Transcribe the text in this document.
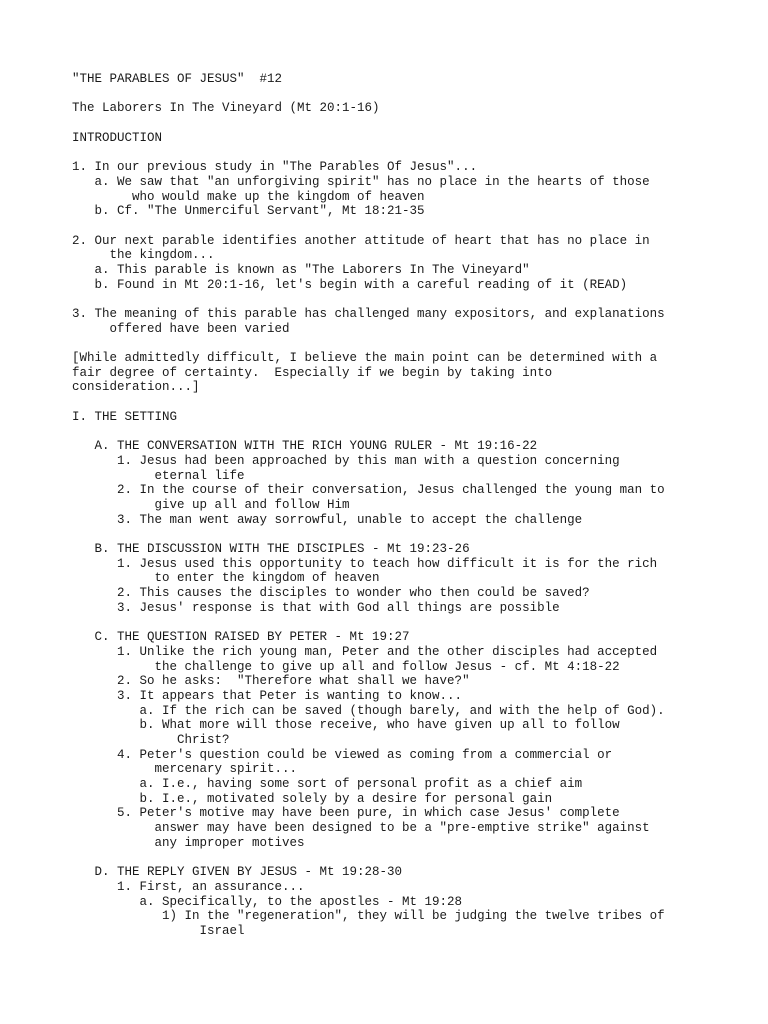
"THE PARABLES OF JESUS"  #12
The Laborers In The Vineyard (Mt 20:1-16)
INTRODUCTION
1. In our previous study in "The Parables Of Jesus"...
a. We saw that "an unforgiving spirit" has no place in the hearts of those
who would make up the kingdom of heaven
b. Cf. "The Unmerciful Servant", Mt 18:21-35
2. Our next parable identifies another attitude of heart that has no place in
the kingdom...
a. This parable is known as "The Laborers In The Vineyard"
b. Found in Mt 20:1-16, let's begin with a careful reading of it (READ)
3. The meaning of this parable has challenged many expositors, and explanations
offered have been varied
[While admittedly difficult, I believe the main point can be determined with a
fair degree of certainty.  Especially if we begin by taking into
consideration...]
I. THE SETTING
A. THE CONVERSATION WITH THE RICH YOUNG RULER - Mt 19:16-22
1. Jesus had been approached by this man with a question concerning
eternal life
2. In the course of their conversation, Jesus challenged the young man to
give up all and follow Him
3. The man went away sorrowful, unable to accept the challenge
B. THE DISCUSSION WITH THE DISCIPLES - Mt 19:23-26
1. Jesus used this opportunity to teach how difficult it is for the rich
to enter the kingdom of heaven
2. This causes the disciples to wonder who then could be saved?
3. Jesus' response is that with God all things are possible
C. THE QUESTION RAISED BY PETER - Mt 19:27
1. Unlike the rich young man, Peter and the other disciples had accepted
the challenge to give up all and follow Jesus - cf. Mt 4:18-22
2. So he asks:  "Therefore what shall we have?"
3. It appears that Peter is wanting to know...
a. If the rich can be saved (though barely, and with the help of God).
b. What more will those receive, who have given up all to follow
Christ?
4. Peter's question could be viewed as coming from a commercial or
mercenary spirit...
a. I.e., having some sort of personal profit as a chief aim
b. I.e., motivated solely by a desire for personal gain
5. Peter's motive may have been pure, in which case Jesus' complete
answer may have been designed to be a "pre-emptive strike" against
any improper motives
D. THE REPLY GIVEN BY JESUS - Mt 19:28-30
1. First, an assurance...
a. Specifically, to the apostles - Mt 19:28
1) In the "regeneration", they will be judging the twelve tribes of
Israel
